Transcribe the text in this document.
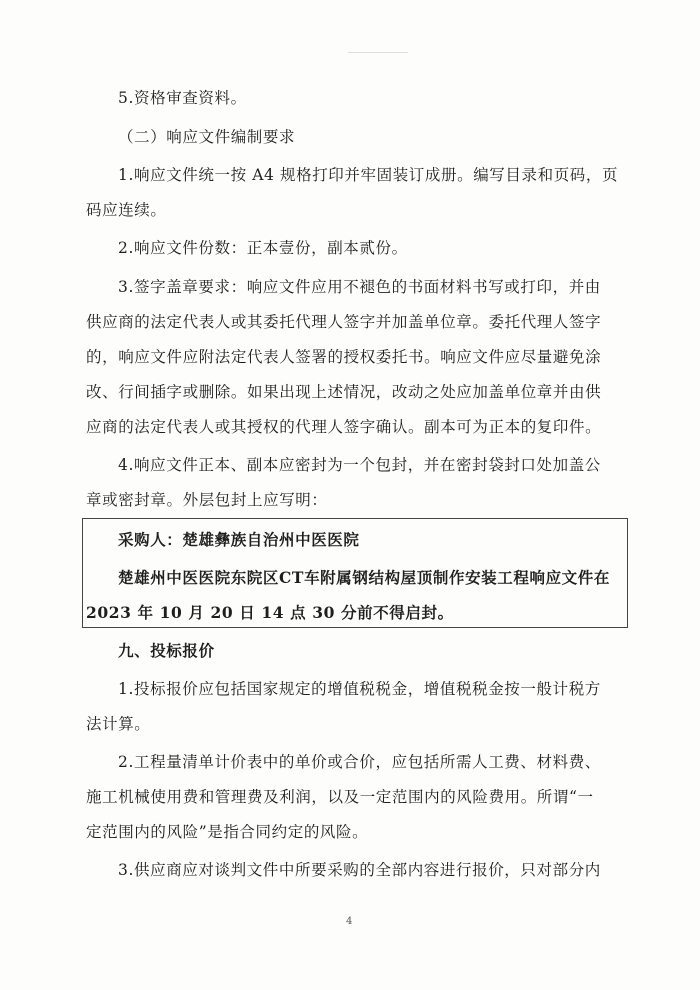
5.资格审查资料。
（二）响应文件编制要求
1.响应文件统一按 A4 规格打印并牢固装订成册。编写目录和页码，页
码应连续。
2.响应文件份数：正本壹份，副本贰份。
3.签字盖章要求：响应文件应用不褪色的书面材料书写或打印，并由
供应商的法定代表人或其委托代理人签字并加盖单位章。委托代理人签字
的，响应文件应附法定代表人签署的授权委托书。响应文件应尽量避免涂
改、行间插字或删除。如果出现上述情况，改动之处应加盖单位章并由供
应商的法定代表人或其授权的代理人签字确认。副本可为正本的复印件。
4.响应文件正本、副本应密封为一个包封，并在密封袋封口处加盖公
章或密封章。外层包封上应写明：
采购人：楚雄彝族自治州中医医院
楚雄州中医医院东院区CT车附属钢结构屋顶制作安装工程响应文件在
2023 年 10 月 20 日 14 点 30 分前不得启封。
九、投标报价
1.投标报价应包括国家规定的增值税税金，增值税税金按一般计税方
法计算。
2.工程量清单计价表中的单价或合价，应包括所需人工费、材料费、
施工机械使用费和管理费及利润，以及一定范围内的风险费用。所谓“一
定范围内的风险”是指合同约定的风险。
3.供应商应对谈判文件中所要采购的全部内容进行报价，只对部分内
4
